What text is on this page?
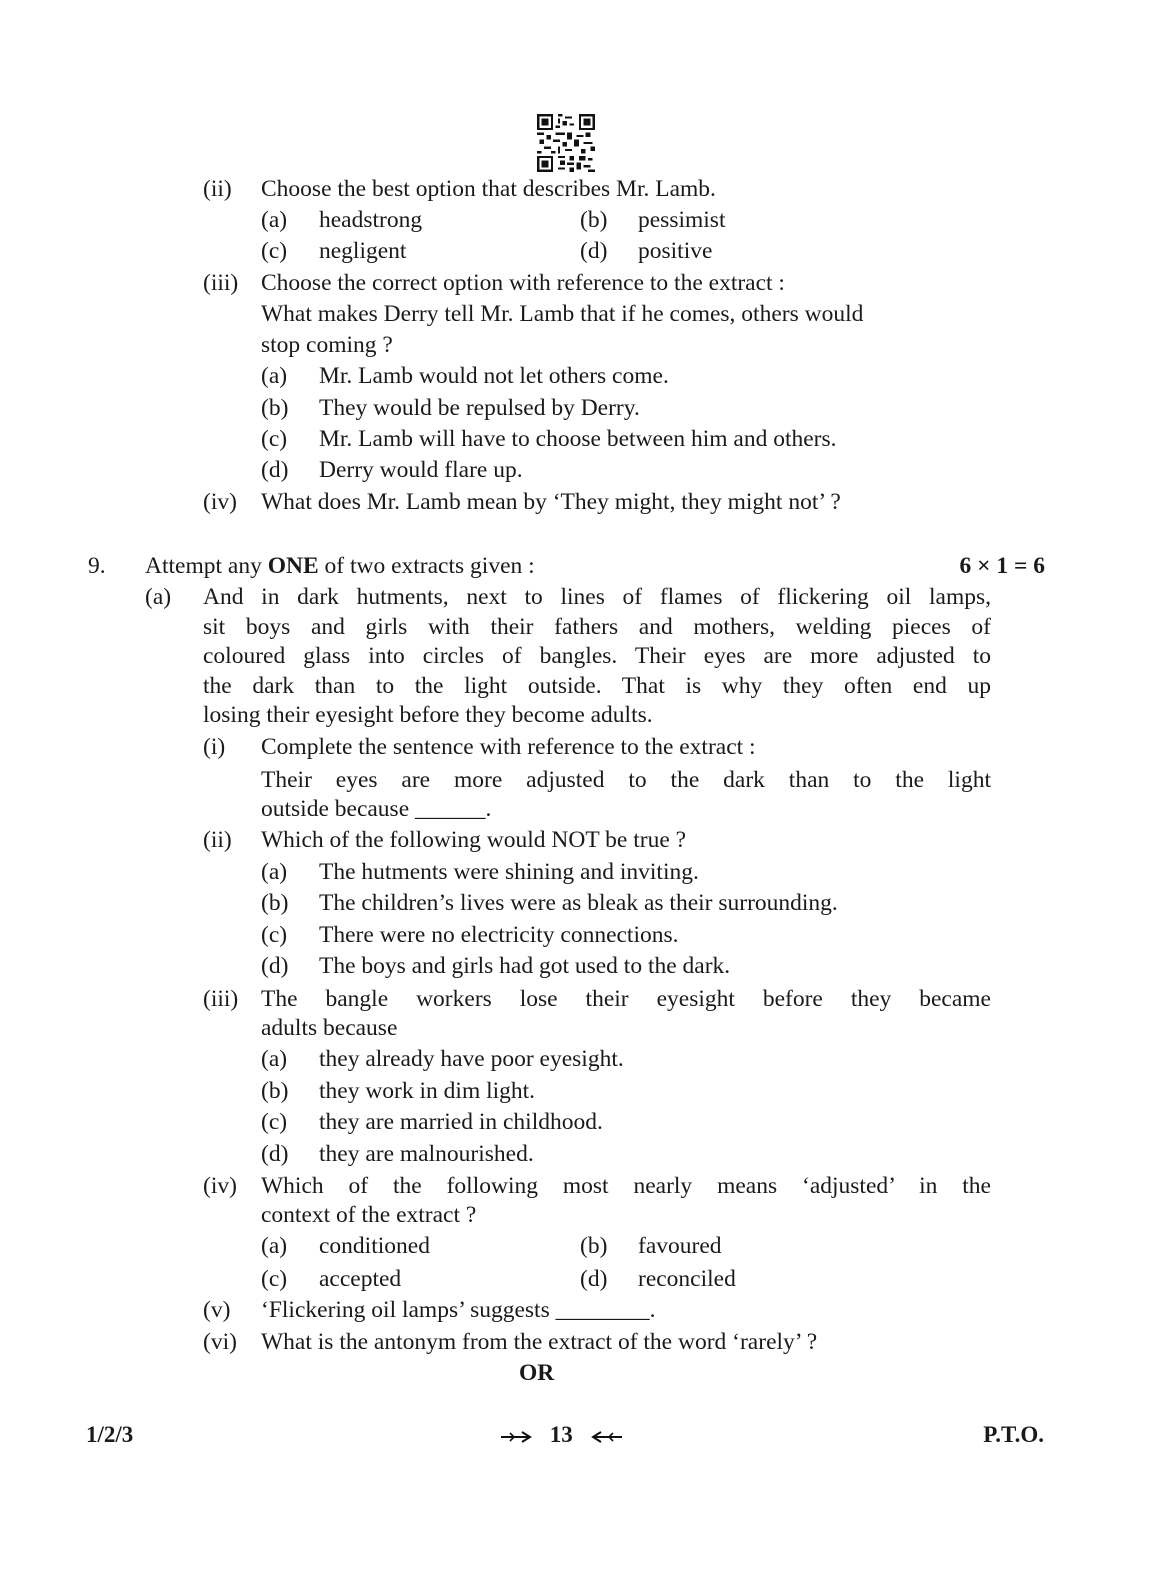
(ii) Choose the best option that describes Mr. Lamb.
(a) headstrong	(b) pessimist
(c) negligent	(d) positive
(iii) Choose the correct option with reference to the extract :
What makes Derry tell Mr. Lamb that if he comes, others would
stop coming ?
(a) Mr. Lamb would not let others come.
(b) They would be repulsed by Derry.
(c) Mr. Lamb will have to choose between him and others.
(d) Derry would flare up.
(iv) What does Mr. Lamb mean by ‘They might, they might not’ ?
9. Attempt any ONE of two extracts given :	6 × 1 = 6
(a) And in dark hutments, next to lines of flames of flickering oil lamps,
sit boys and girls with their fathers and mothers, welding pieces of
coloured glass into circles of bangles. Their eyes are more adjusted to
the dark than to the light outside. That is why they often end up
losing their eyesight before they become adults.
(i) Complete the sentence with reference to the extract :
Their eyes are more adjusted to the dark than to the light
outside because ______.
(ii) Which of the following would NOT be true ?
(a) The hutments were shining and inviting.
(b) The children’s lives were as bleak as their surrounding.
(c) There were no electricity connections.
(d) The boys and girls had got used to the dark.
(iii) The bangle workers lose their eyesight before they became
adults because
(a) they already have poor eyesight.
(b) they work in dim light.
(c) they are married in childhood.
(d) they are malnourished.
(iv) Which of the following most nearly means ‘adjusted’ in the
context of the extract ?
(a) conditioned	(b) favoured
(c) accepted	(d) reconciled
(v) ‘Flickering oil lamps’ suggests ________.
(vi) What is the antonym from the extract of the word ‘rarely’ ?
OR
1/2/3	13	P.T.O.
